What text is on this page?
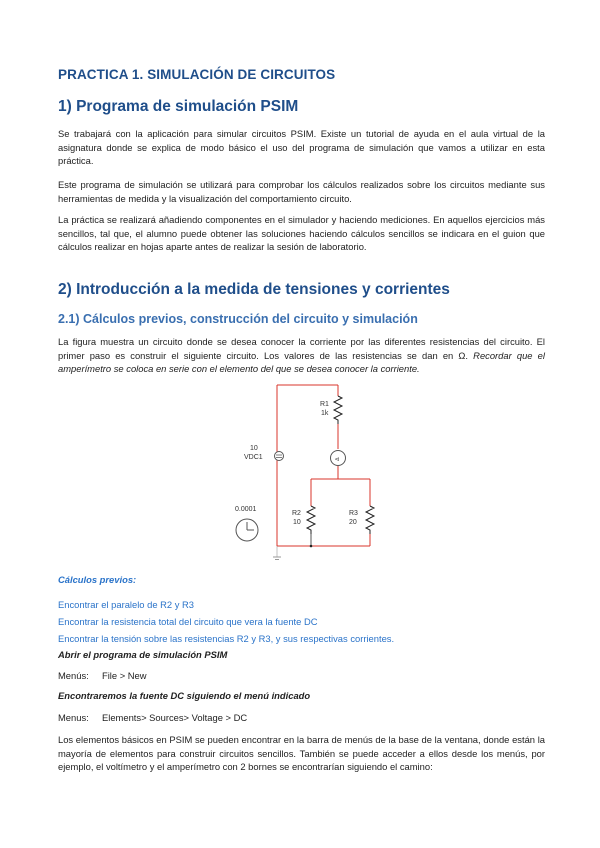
PRACTICA 1. SIMULACIÓN DE CIRCUITOS
1) Programa de simulación PSIM
Se trabajará con la aplicación para simular circuitos PSIM. Existe un tutorial de ayuda en el aula virtual de la asignatura donde se explica de modo básico el uso del programa de simulación que vamos a utilizar en esta práctica.
Este programa de simulación se utilizará para comprobar los cálculos realizados sobre los circuitos mediante sus herramientas de medida y la visualización del comportamiento circuito.
La práctica se realizará añadiendo componentes en el simulador y haciendo mediciones. En aquellos ejercicios más sencillos, tal que, el alumno puede obtener las soluciones haciendo cálculos sencillos se indicara en el guion que cálculos realizar en hojas aparte antes de realizar la sesión de laboratorio.
2) Introducción a la medida de tensiones y corrientes
2.1) Cálculos previos, construcción del circuito y simulación
La figura muestra un circuito donde se desea conocer la corriente por las diferentes resistencias del circuito. El primer paso es construir el siguiente circuito. Los valores de las resistencias se dan en Ω. Recordar que el amperímetro se coloca en serie con el elemento del que se desea conocer la corriente.
R1
1k
⊲
10
VDC1
0.0001
R2
10
R3
20
Cálculos previos:
Encontrar el paralelo de R2 y R3
Encontrar la resistencia total del circuito que vera la fuente DC
Encontrar la tensión sobre las resistencias R2 y R3, y sus respectivas corrientes.
Abrir el programa de simulación PSIM
Menús: File > New
Encontraremos la fuente DC siguiendo el menú indicado
Menus: Elements> Sources> Voltage > DC
Los elementos básicos en PSIM se pueden encontrar en la barra de menús de la base de la ventana, donde están la mayoría de elementos para construir circuitos sencillos. También se puede acceder a ellos desde los menús, por ejemplo, el voltímetro y el amperímetro con 2 bornes se encontrarían siguiendo el camino:
